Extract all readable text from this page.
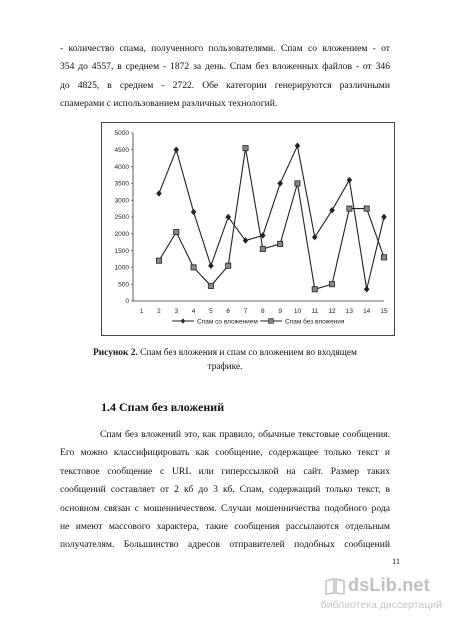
- количество спама, полученного пользователями. Спам со вложением - от
354 до 4557, в среднем - 1872 за день. Спам без вложенных файлов - от 346
до 4825, в среднем - 2722. Обе категории генерируются различными
спамерами с использованием различных технологий.
0
500
1000
1500
2000
2500
3000
3500
4000
4500
5000
1 2 3 4 5 6 7 8 9 10 11 12 13 14 15
Спам со вложением	Спам без вложения
Рисунок 2. Спам без вложения и спам со вложением во входящем
трафике.
1.4 Спам без вложений
Спам без вложений это, как правило, обычные текстовые сообщения.
Его можно классифицировать как сообщение, содержащее только текст и
текстовое сообщение с URL или гиперссылкой на сайт. Размер таких
сообщений составляет от 2 кб до 3 кб. Спам, содержащий только текст, в
основном связан с мошенничеством. Случаи мошенничества подобного рода
не имеют массового характера, такие сообщения рассылаются отдельным
получателям. Большинство адресов отправителей подобных сообщений
11
dsLib.net
библиотека диссертаций
